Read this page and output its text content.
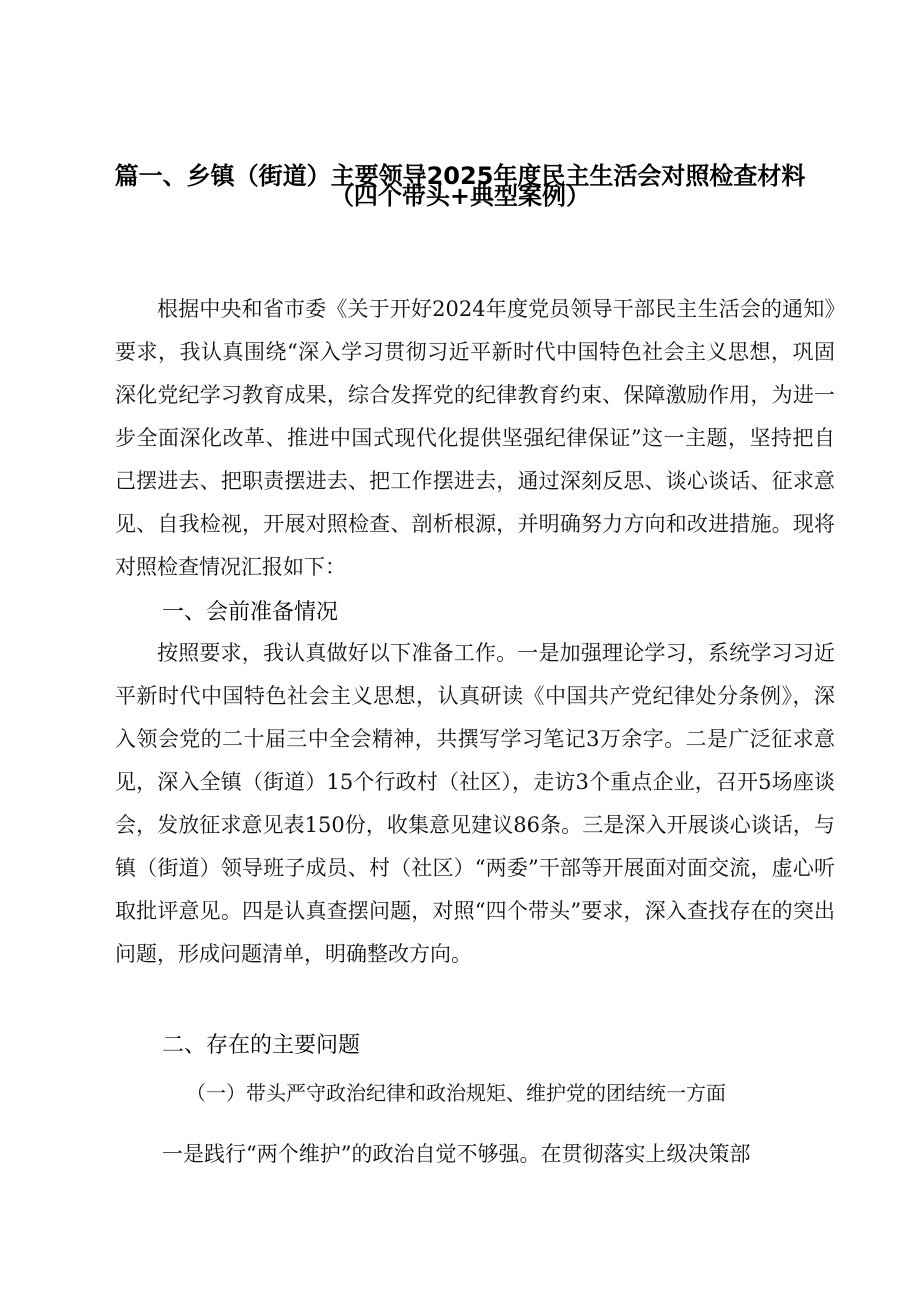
篇一、乡镇（街道）主要领导2025年度民主生活会对照检查材料
（四个带头+典型案例）
根据中央和省市委《关于开好2024年度党员领导干部民主生活会的通知》要求，我认真围绕“深入学习贯彻习近平新时代中国特色社会主义思想，巩固深化党纪学习教育成果，综合发挥党的纪律教育约束、保障激励作用，为进一步全面深化改革、推进中国式现代化提供坚强纪律保证”这一主题，坚持把自己摆进去、把职责摆进去、把工作摆进去，通过深刻反思、谈心谈话、征求意见、自我检视，开展对照检查、剖析根源，并明确努力方向和改进措施。现将对照检查情况汇报如下：
一、会前准备情况
按照要求，我认真做好以下准备工作。一是加强理论学习，系统学习习近平新时代中国特色社会主义思想，认真研读《中国共产党纪律处分条例》，深入领会党的二十届三中全会精神，共撰写学习笔记3万余字。二是广泛征求意见，深入全镇（街道）15个行政村（社区），走访3个重点企业，召开5场座谈会，发放征求意见表150份，收集意见建议86条。三是深入开展谈心谈话，与镇（街道）领导班子成员、村（社区）“两委”干部等开展面对面交流，虚心听取批评意见。四是认真查摆问题，对照“四个带头”要求，深入查找存在的突出问题，形成问题清单，明确整改方向。
二、存在的主要问题
（一）带头严守政治纪律和政治规矩、维护党的团结统一方面
一是践行“两个维护”的政治自觉不够强。在贯彻落实上级决策部
